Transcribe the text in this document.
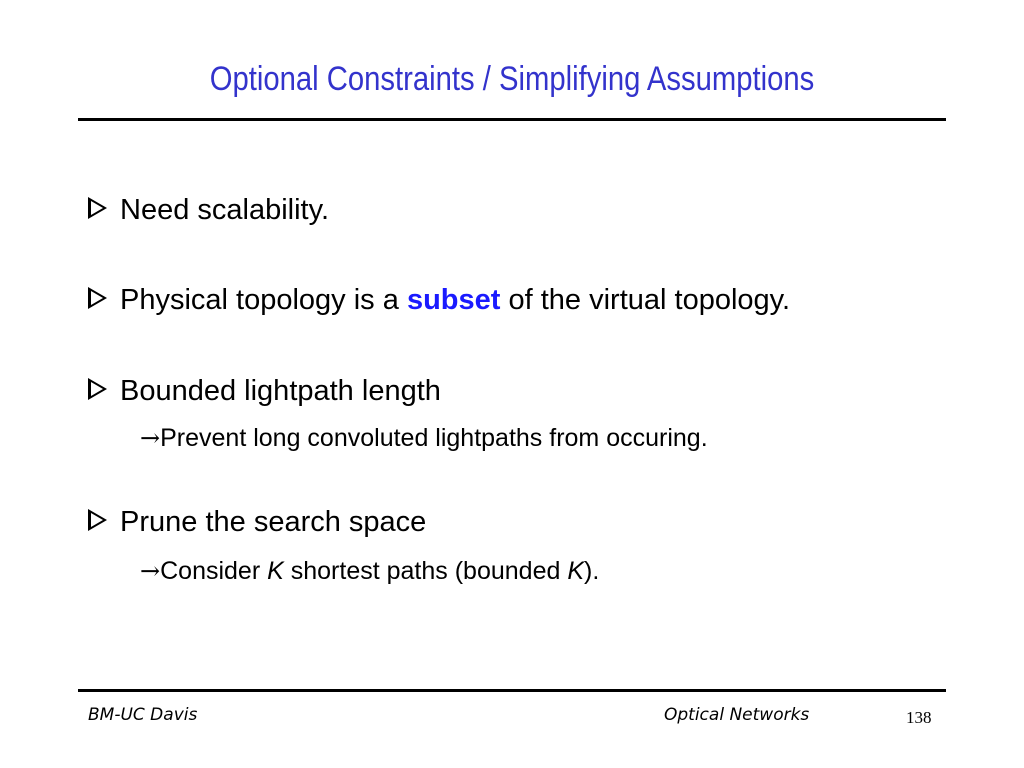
Optional Constraints / Simplifying Assumptions
Need scalability.
Physical topology is a subset of the virtual topology.
Bounded lightpath length
→Prevent long convoluted lightpaths from occuring.
Prune the search space
→Consider K shortest paths (bounded K).
BM-UC Davis	Optical Networks	138
